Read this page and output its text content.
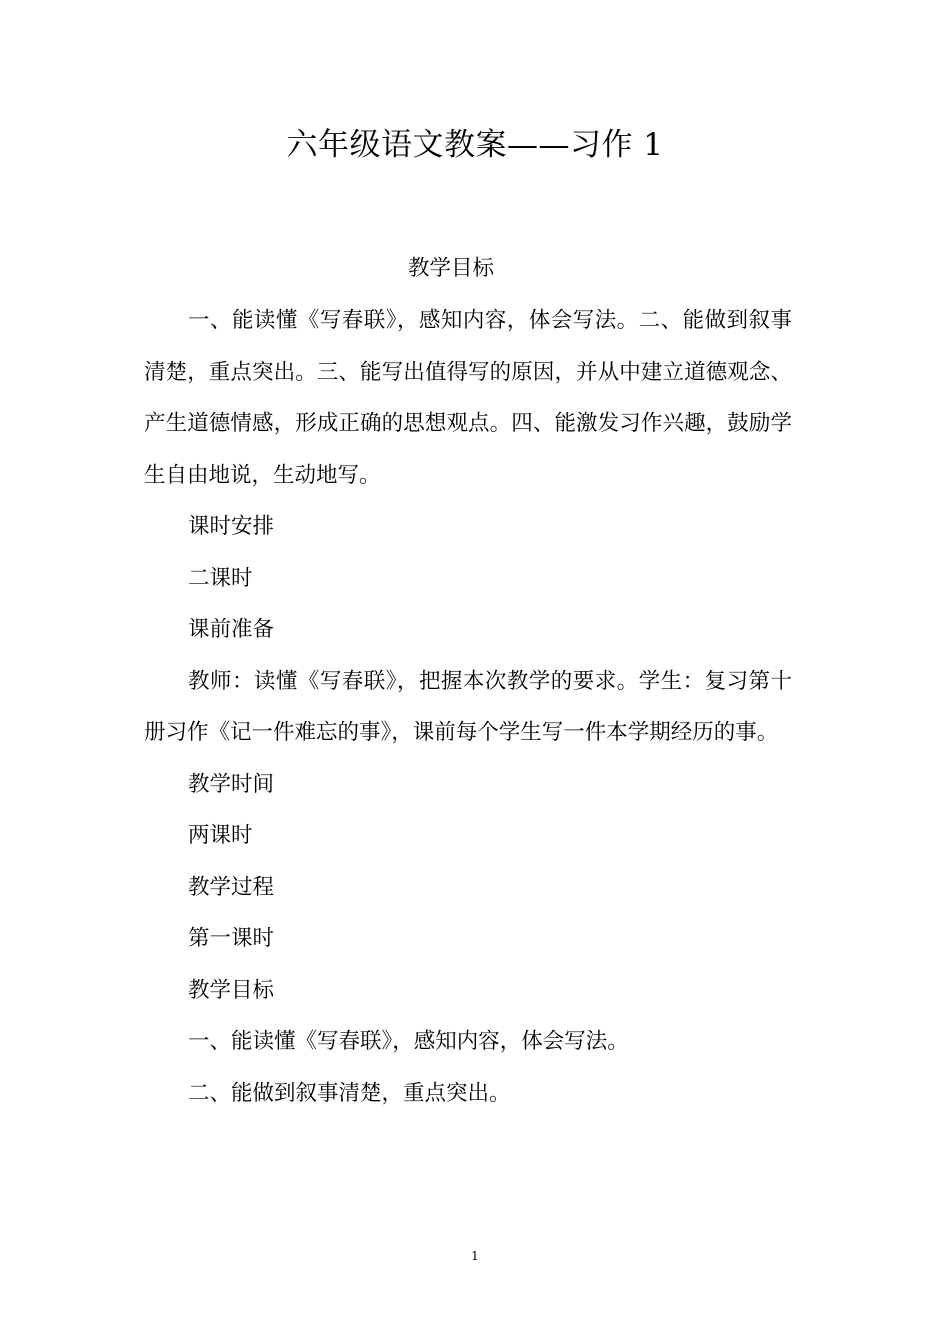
六年级语文教案——习作 1

教学目标

一、能读懂《写春联》，感知内容，体会写法。二、能做到叙事清楚，重点突出。三、能写出值得写的原因，并从中建立道德观念、产生道德情感，形成正确的思想观点。四、能激发习作兴趣，鼓励学生自由地说，生动地写。

课时安排

二课时

课前准备

教师：读懂《写春联》，把握本次教学的要求。学生：复习第十册习作《记一件难忘的事》，课前每个学生写一件本学期经历的事。

教学时间

两课时

教学过程

第一课时

教学目标

一、能读懂《写春联》，感知内容，体会写法。

二、能做到叙事清楚，重点突出。

1
